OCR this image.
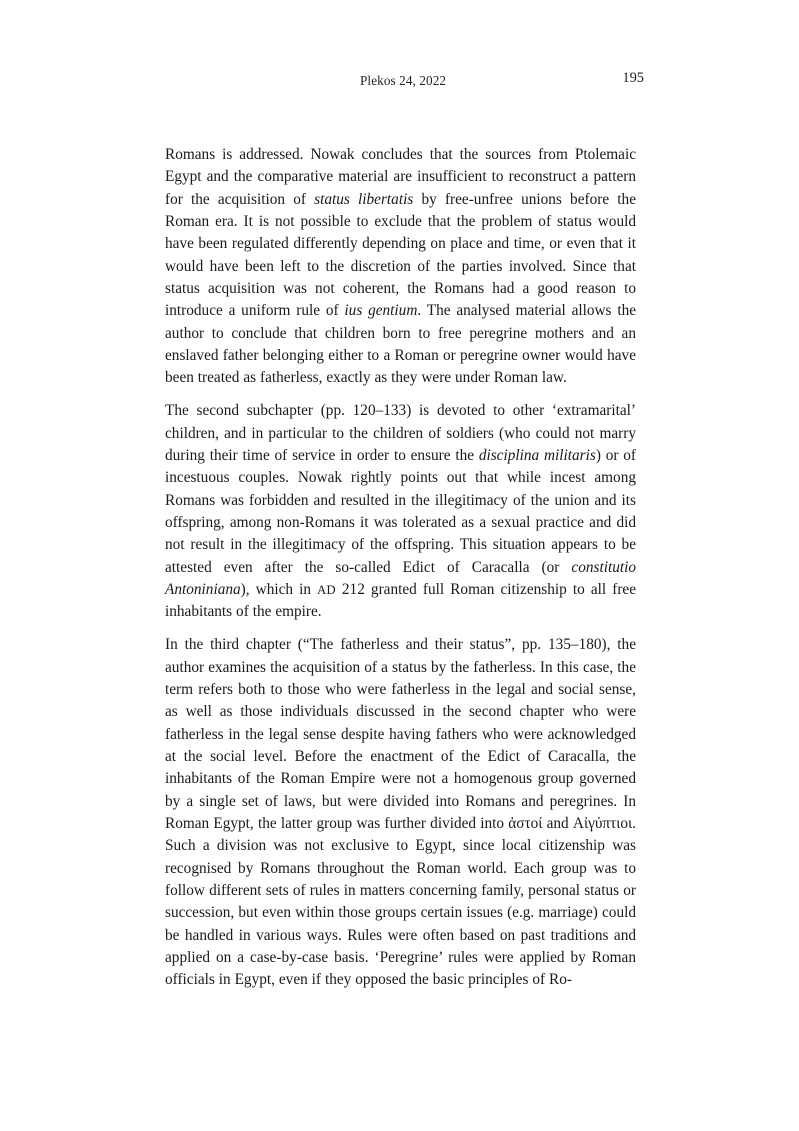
Plekos 24, 2022	195

Romans is addressed. Nowak concludes that the sources from Ptolemaic Egypt and the comparative material are insufficient to reconstruct a pattern for the acquisition of status libertatis by free-unfree unions before the Roman era. It is not possible to exclude that the problem of status would have been regulated differently depending on place and time, or even that it would have been left to the discretion of the parties involved. Since that status acquisition was not coherent, the Romans had a good reason to introduce a uniform rule of ius gentium. The analysed material allows the author to conclude that children born to free peregrine mothers and an enslaved father belonging either to a Roman or peregrine owner would have been treated as fatherless, exactly as they were under Roman law.

The second subchapter (pp. 120–133) is devoted to other ‘extramarital’ children, and in particular to the children of soldiers (who could not marry during their time of service in order to ensure the disciplina militaris) or of incestuous couples. Nowak rightly points out that while incest among Romans was forbidden and resulted in the illegitimacy of the union and its offspring, among non-Romans it was tolerated as a sexual practice and did not result in the illegitimacy of the offspring. This situation appears to be attested even after the so-called Edict of Caracalla (or constitutio Antoniniana), which in AD 212 granted full Roman citizenship to all free inhabitants of the empire.

In the third chapter (“The fatherless and their status”, pp. 135–180), the author examines the acquisition of a status by the fatherless. In this case, the term refers both to those who were fatherless in the legal and social sense, as well as those individuals discussed in the second chapter who were fatherless in the legal sense despite having fathers who were acknowledged at the social level. Before the enactment of the Edict of Caracalla, the inhabitants of the Roman Empire were not a homogenous group governed by a single set of laws, but were divided into Romans and peregrines. In Roman Egypt, the latter group was further divided into ἀστοί and Αἰγύπτιοι. Such a division was not exclusive to Egypt, since local citizenship was recognised by Romans throughout the Roman world. Each group was to follow different sets of rules in matters concerning family, personal status or succession, but even within those groups certain issues (e.g. marriage) could be handled in various ways. Rules were often based on past traditions and applied on a case-by-case basis. ‘Peregrine’ rules were applied by Roman officials in Egypt, even if they opposed the basic principles of Ro-
